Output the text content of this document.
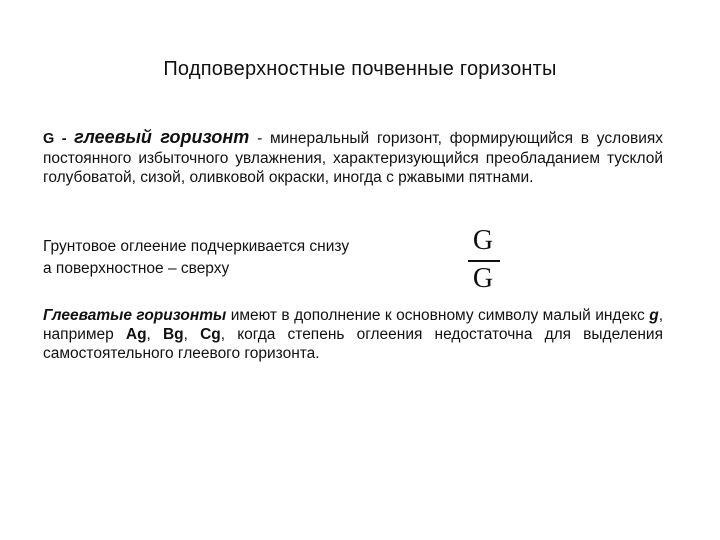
Подповерхностные почвенные горизонты
G - глеевый горизонт - минеральный горизонт, формирующийся в условиях постоянного избыточного увлажнения, характеризующийся преобладанием тусклой голубоватой, сизой, оливковой окраски, иногда с ржавыми пятнами.
Грунтовое оглеение подчеркивается снизу
а поверхностное – сверху
G
G
Глееватые горизонты имеют в дополнение к основному символу малый индекс g, например Ag, Bg, Cg, когда степень оглеения недостаточна для выделения самостоятельного глеевого горизонта.
